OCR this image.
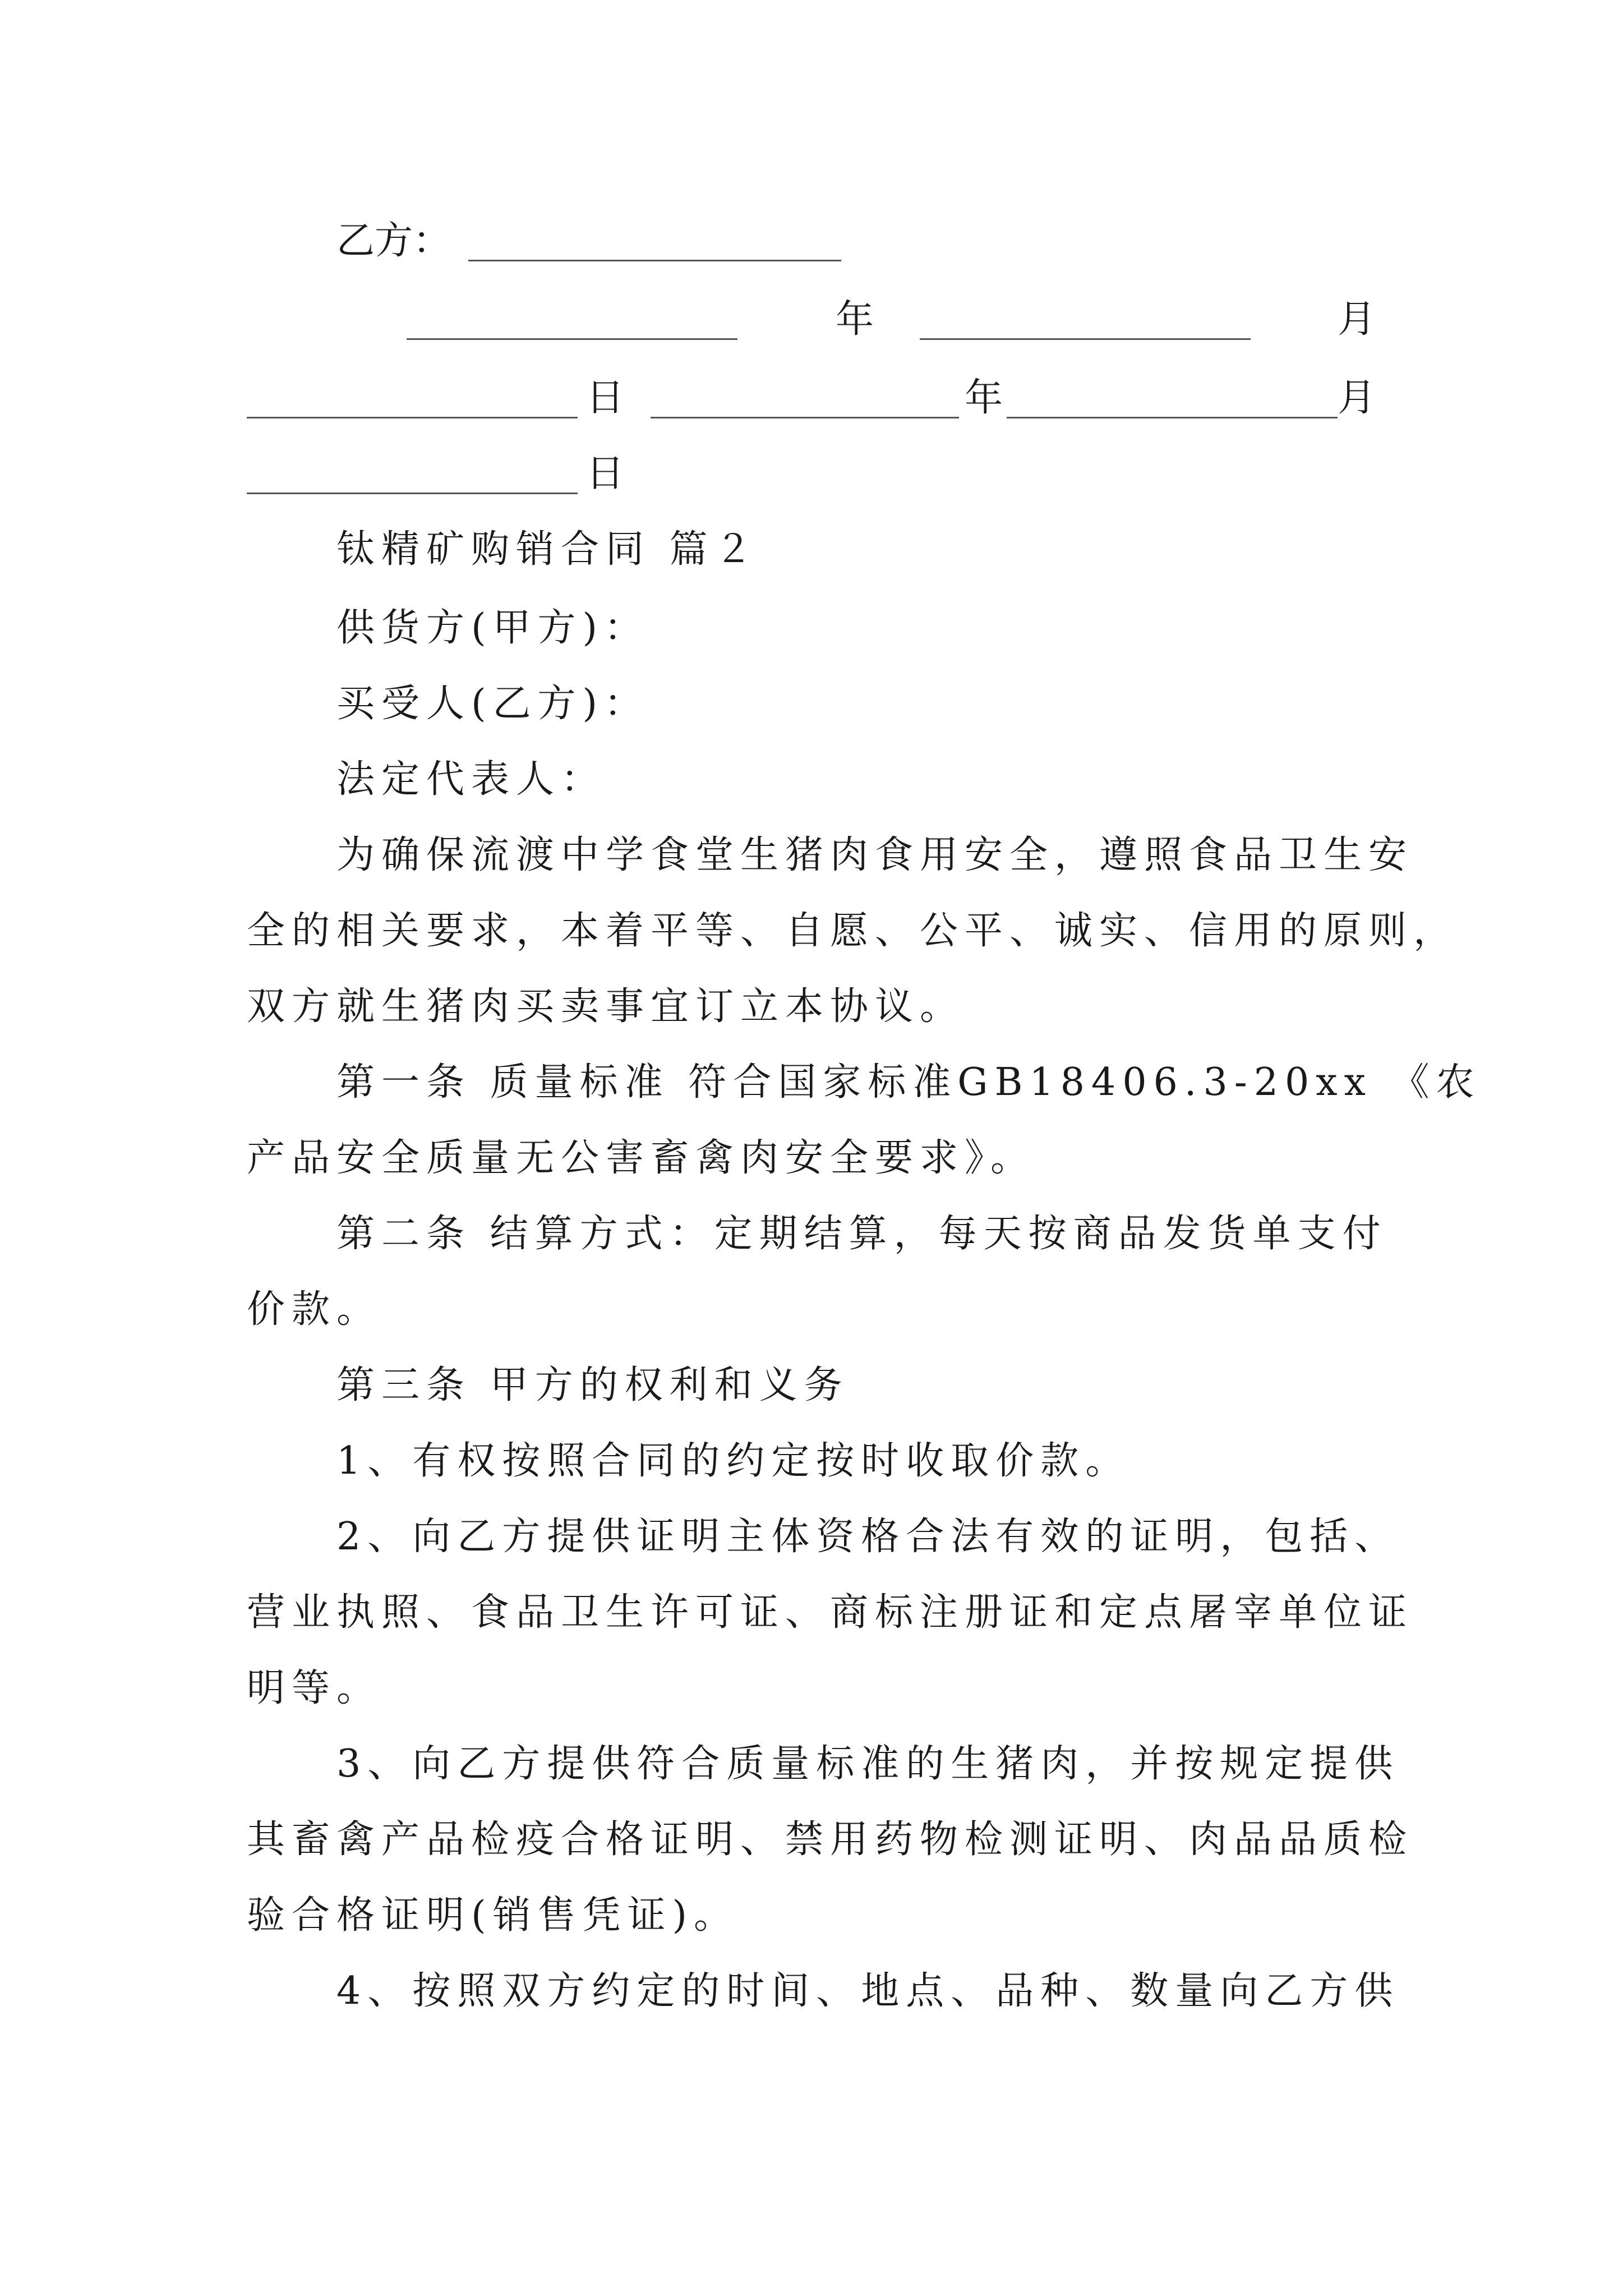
乙方：
年	月
日	年	月
日
钛精矿购销合同 篇２
供货方(甲方)：
买受人(乙方)：
法定代表人：
为确保流渡中学食堂生猪肉食用安全，遵照食品卫生安
全的相关要求，本着平等、自愿、公平、诚实、信用的原则，
双方就生猪肉买卖事宜订立本协议。
第一条 质量标准 符合国家标准GB18406.3-20xx 《农
产品安全质量无公害畜禽肉安全要求》。
第二条 结算方式：定期结算，每天按商品发货单支付
价款。
第三条 甲方的权利和义务
1、有权按照合同的约定按时收取价款。
2、向乙方提供证明主体资格合法有效的证明，包括、
营业执照、食品卫生许可证、商标注册证和定点屠宰单位证
明等。
3、向乙方提供符合质量标准的生猪肉，并按规定提供
其畜禽产品检疫合格证明、禁用药物检测证明、肉品品质检
验合格证明(销售凭证)。
4、按照双方约定的时间、地点、品种、数量向乙方供
